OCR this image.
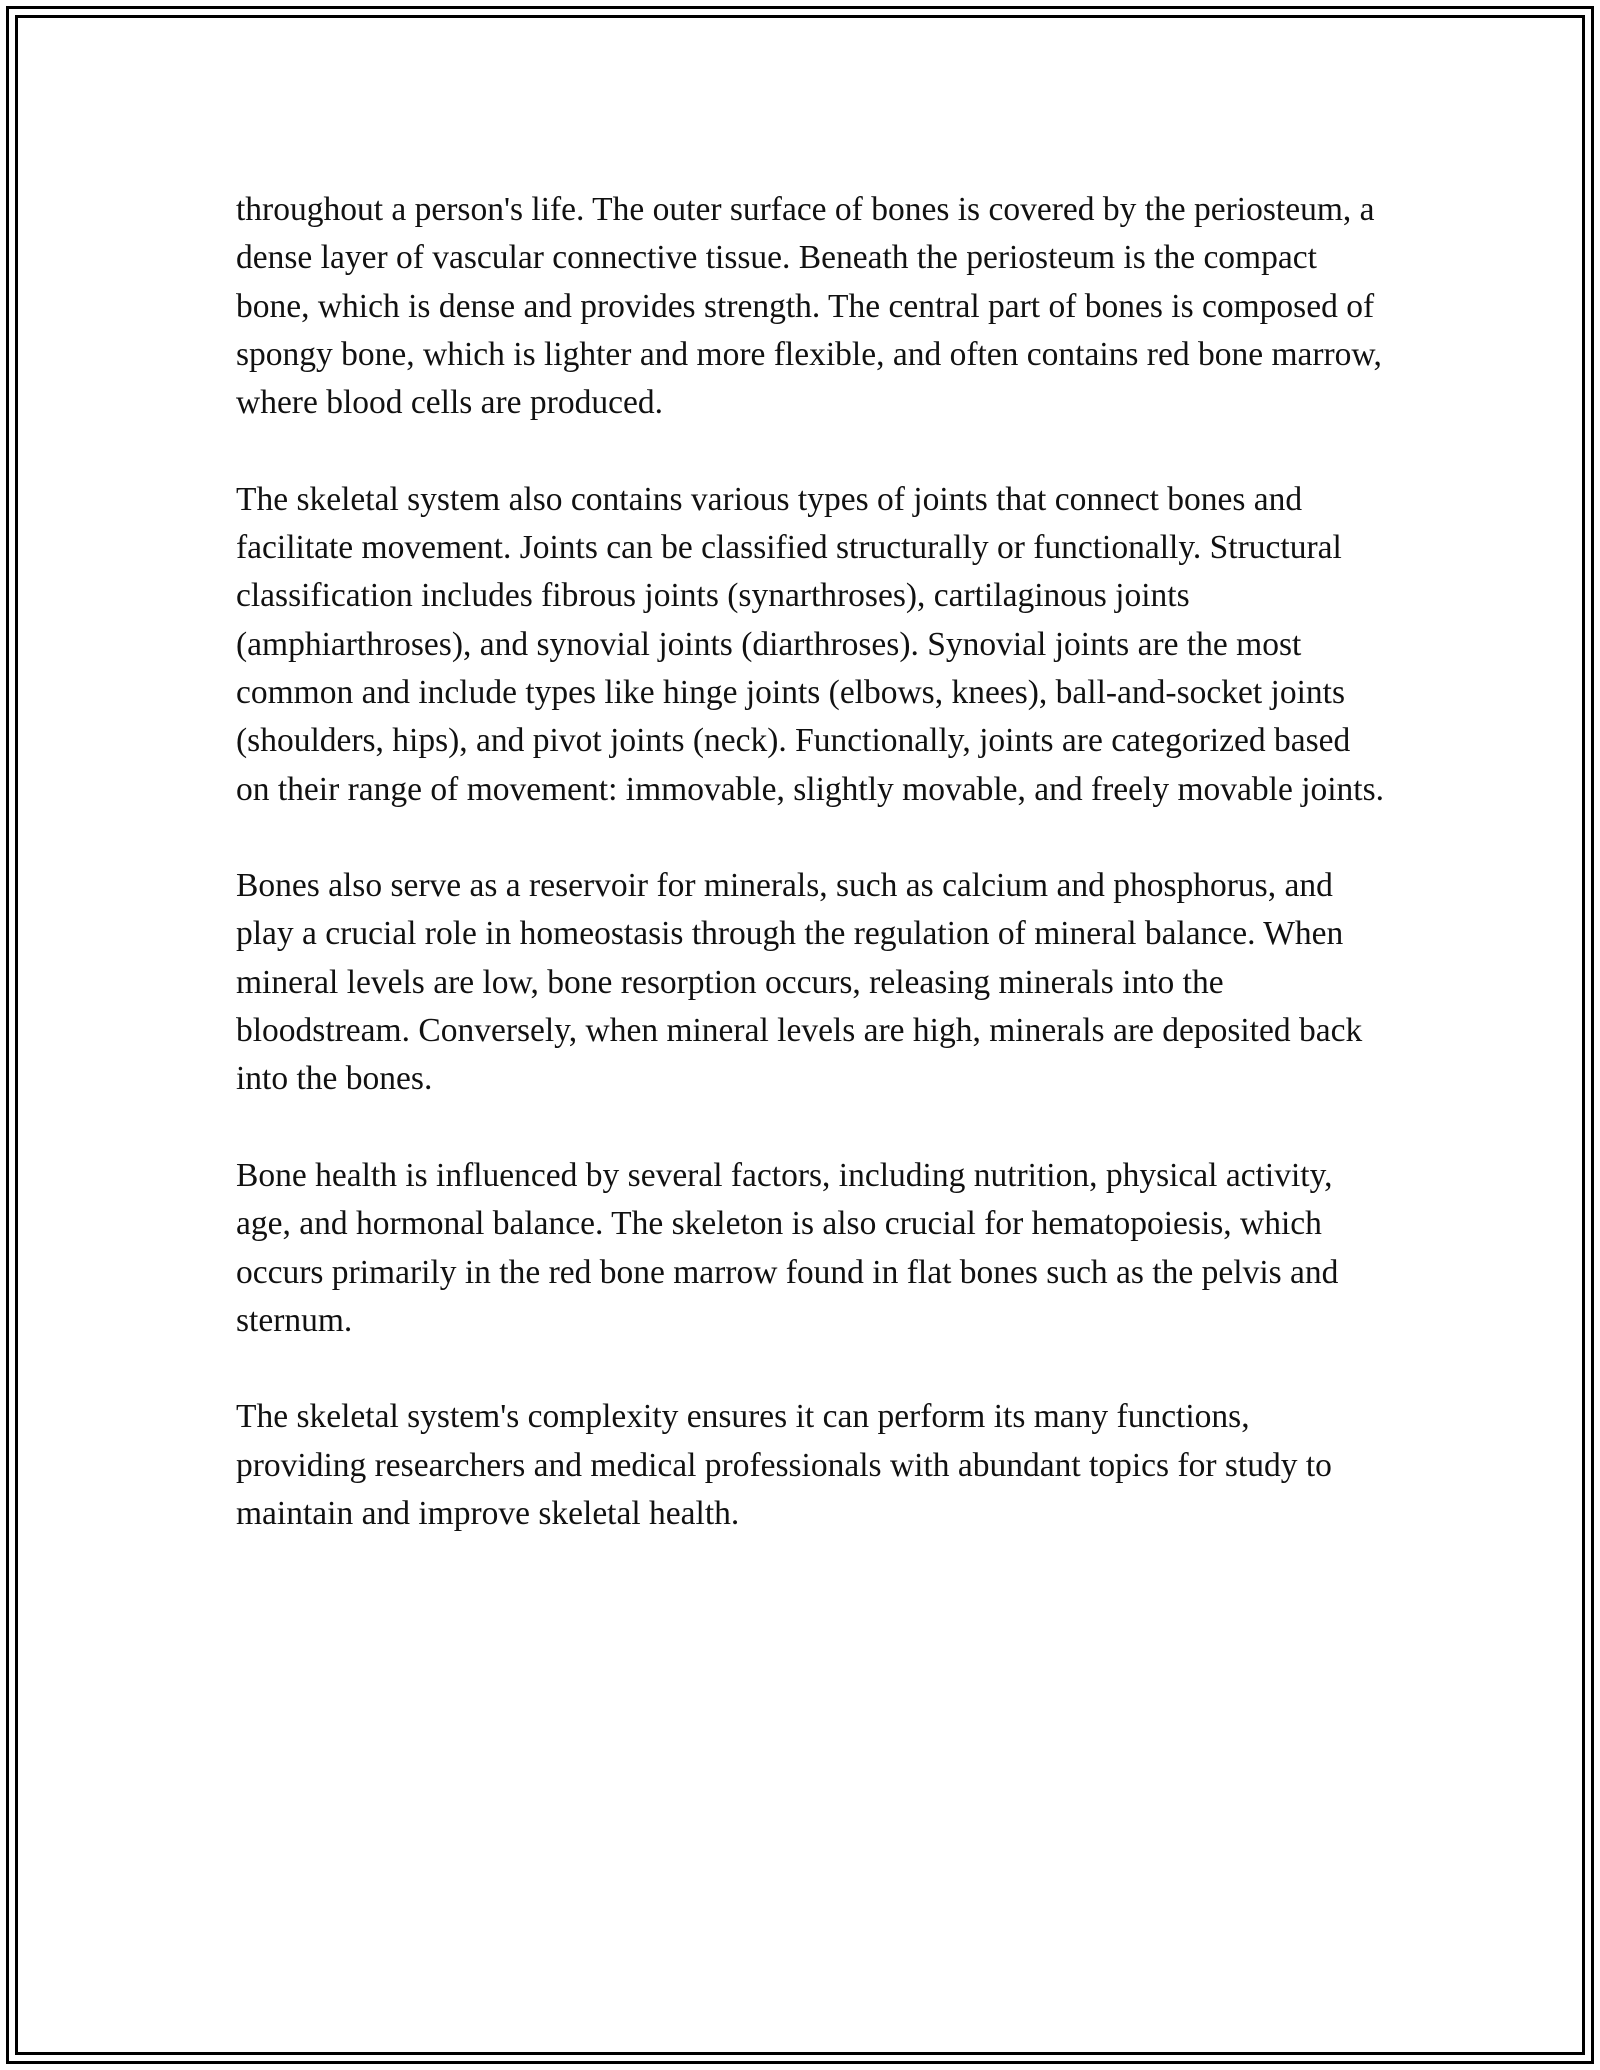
throughout a person's life. The outer surface of bones is covered by the periosteum, a dense layer of vascular connective tissue. Beneath the periosteum is the compact bone, which is dense and provides strength. The central part of bones is composed of spongy bone, which is lighter and more flexible, and often contains red bone marrow, where blood cells are produced.

The skeletal system also contains various types of joints that connect bones and facilitate movement. Joints can be classified structurally or functionally. Structural classification includes fibrous joints (synarthroses), cartilaginous joints (amphiarthroses), and synovial joints (diarthroses). Synovial joints are the most common and include types like hinge joints (elbows, knees), ball-and-socket joints (shoulders, hips), and pivot joints (neck). Functionally, joints are categorized based on their range of movement: immovable, slightly movable, and freely movable joints.

Bones also serve as a reservoir for minerals, such as calcium and phosphorus, and play a crucial role in homeostasis through the regulation of mineral balance. When mineral levels are low, bone resorption occurs, releasing minerals into the bloodstream. Conversely, when mineral levels are high, minerals are deposited back into the bones.

Bone health is influenced by several factors, including nutrition, physical activity, age, and hormonal balance. The skeleton is also crucial for hematopoiesis, which occurs primarily in the red bone marrow found in flat bones such as the pelvis and sternum.

The skeletal system's complexity ensures it can perform its many functions, providing researchers and medical professionals with abundant topics for study to maintain and improve skeletal health.
